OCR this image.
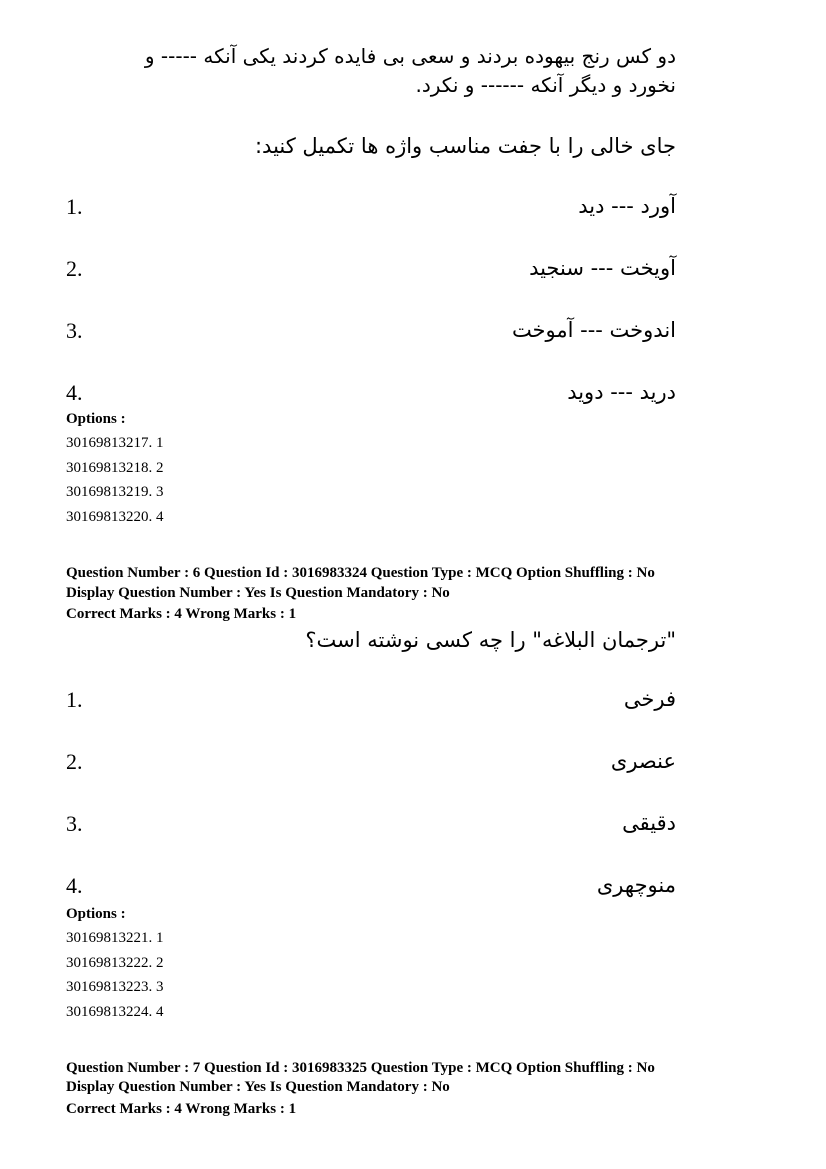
دو کس رنج بیهوده بردند و سعی بی فایده کردند یکی آنکه ----- و
نخورد و دیگر آنکه ------ و نکرد.
جای خالی را با جفت مناسب واژه ها تکمیل کنید:
1.	آورد --- دید
2.	آویخت --- سنجید
3.	اندوخت --- آموخت
4.	درید --- دوید
Options :
30169813217. 1
30169813218. 2
30169813219. 3
30169813220. 4
Question Number : 6 Question Id : 3016983324 Question Type : MCQ Option Shuffling : No
Display Question Number : Yes Is Question Mandatory : No
Correct Marks : 4 Wrong Marks : 1
"ترجمان البلاغه" را چه کسی نوشته است؟
1.	فرخی
2.	عنصری
3.	دقیقی
4.	منوچهری
Options :
30169813221. 1
30169813222. 2
30169813223. 3
30169813224. 4
Question Number : 7 Question Id : 3016983325 Question Type : MCQ Option Shuffling : No
Display Question Number : Yes Is Question Mandatory : No
Correct Marks : 4 Wrong Marks : 1
